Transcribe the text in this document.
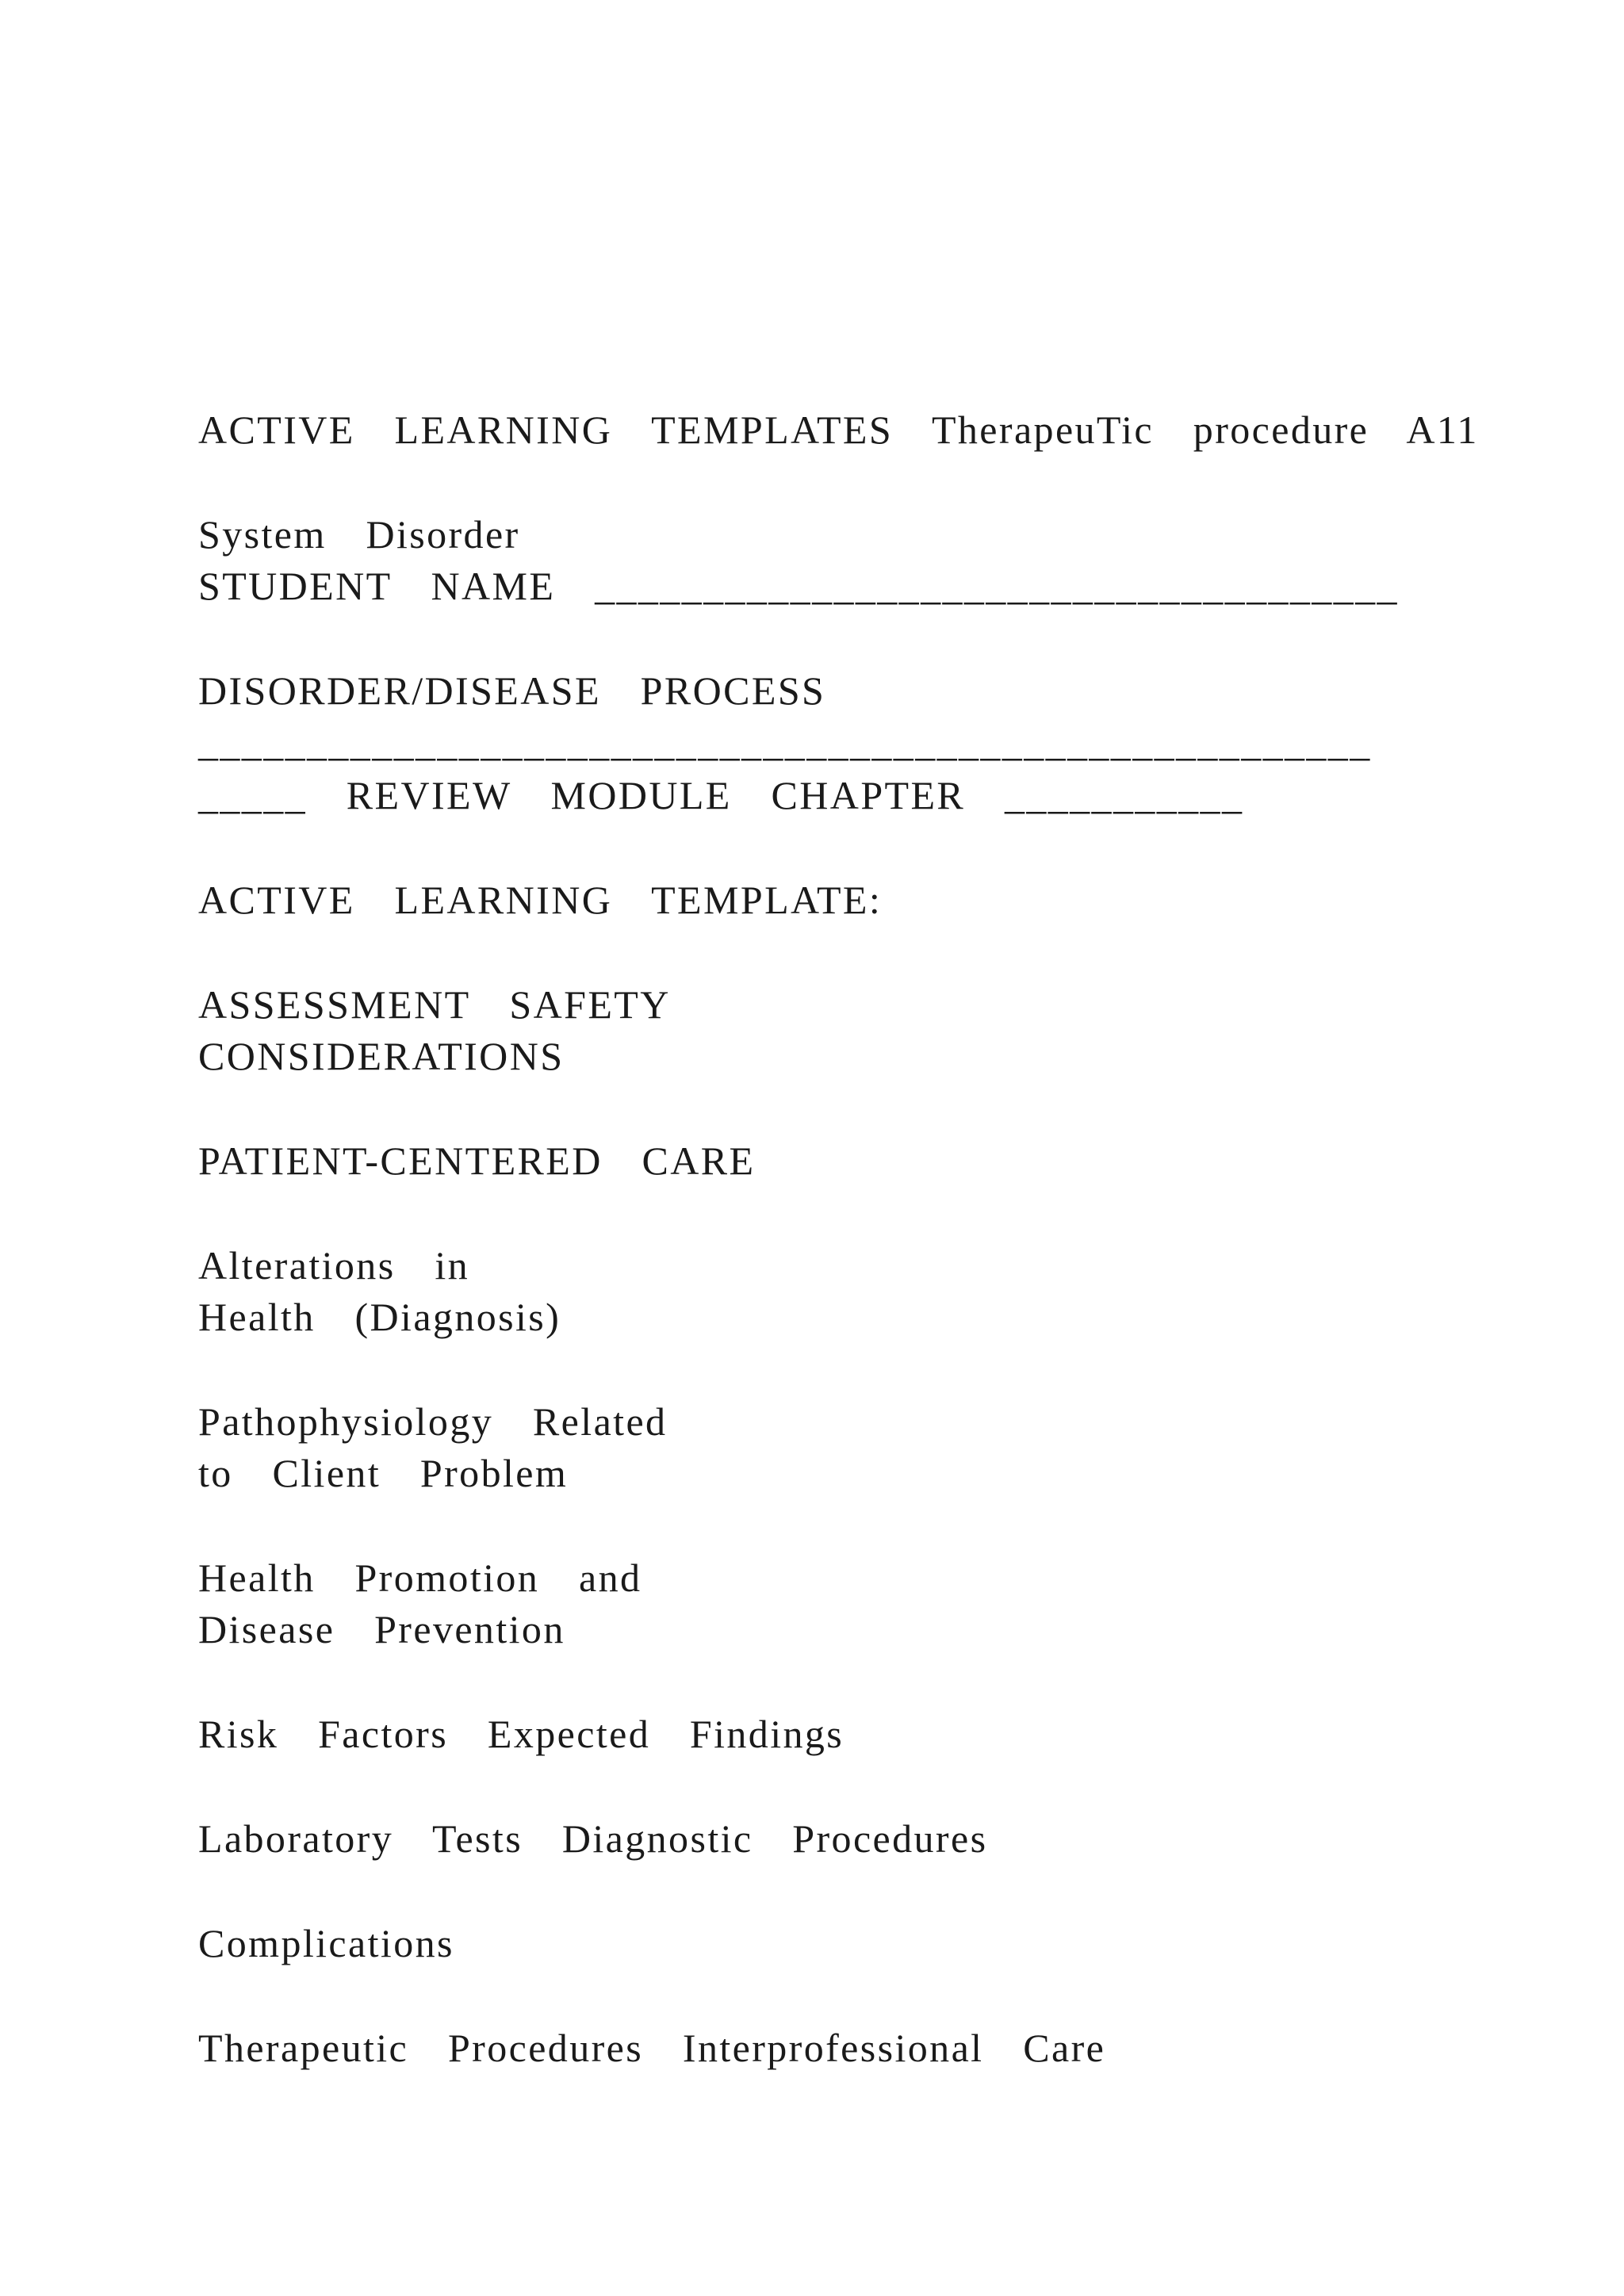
ACTIVE  LEARNING  TEMPLATES  TherapeuTic  procedure  A11

System  Disorder

STUDENT  NAME  _____________________________________

DISORDER/DISEASE  PROCESS

______________________________________________________

_____  REVIEW  MODULE  CHAPTER  ___________

ACTIVE  LEARNING  TEMPLATE:

ASSESSMENT  SAFETY

CONSIDERATIONS

PATIENT-CENTERED  CARE

Alterations  in

Health  (Diagnosis)

Pathophysiology  Related

to  Client  Problem

Health  Promotion  and

Disease  Prevention

Risk  Factors  Expected  Findings

Laboratory  Tests  Diagnostic  Procedures

Complications

Therapeutic  Procedures  Interprofessional  Care
